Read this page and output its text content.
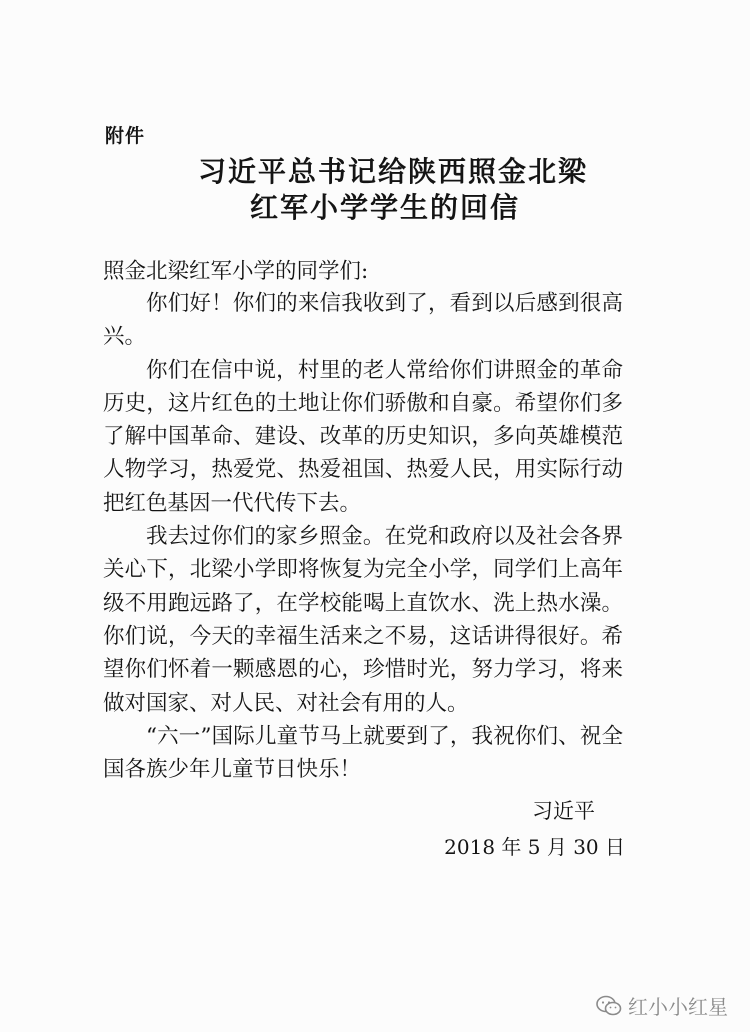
附件
习近平总书记给陕西照金北梁
红军小学学生的回信
照金北梁红军小学的同学们:

你们好！你们的来信我收到了，看到以后感到很高兴。

你们在信中说，村里的老人常给你们讲照金的革命历史，这片红色的土地让你们骄傲和自豪。希望你们多了解中国革命、建设、改革的历史知识，多向英雄模范人物学习，热爱党、热爱祖国、热爱人民，用实际行动把红色基因一代代传下去。

我去过你们的家乡照金。在党和政府以及社会各界关心下，北梁小学即将恢复为完全小学，同学们上高年级不用跑远路了，在学校能喝上直饮水、洗上热水澡。你们说，今天的幸福生活来之不易，这话讲得很好。希望你们怀着一颗感恩的心，珍惜时光，努力学习，将来做对国家、对人民、对社会有用的人。

“六一”国际儿童节马上就要到了，我祝你们、祝全国各族少年儿童节日快乐！

习近平
2018 年 5 月 30 日
红小小红星
